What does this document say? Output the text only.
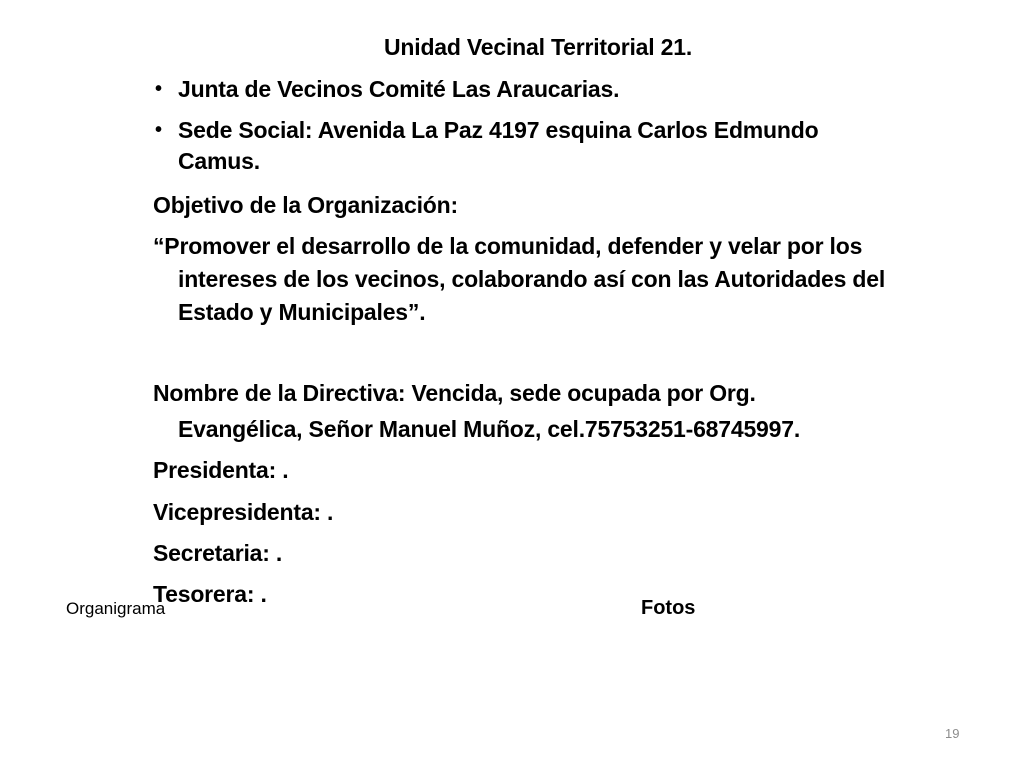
Unidad Vecinal Territorial 21.
• Junta de Vecinos Comité Las Araucarias.
• Sede Social: Avenida La Paz 4197 esquina Carlos Edmundo
Camus.
Objetivo de la Organización:
“Promover el desarrollo de la comunidad, defender y velar por los
intereses de los vecinos, colaborando así con las Autoridades del
Estado y Municipales”.
Nombre de la Directiva: Vencida, sede ocupada por Org.
Evangélica, Señor Manuel Muñoz, cel.75753251-68745997.
Presidenta: .
Vicepresidenta: .
Secretaria: .
Tesorera: .
Organigrama	Fotos
19
